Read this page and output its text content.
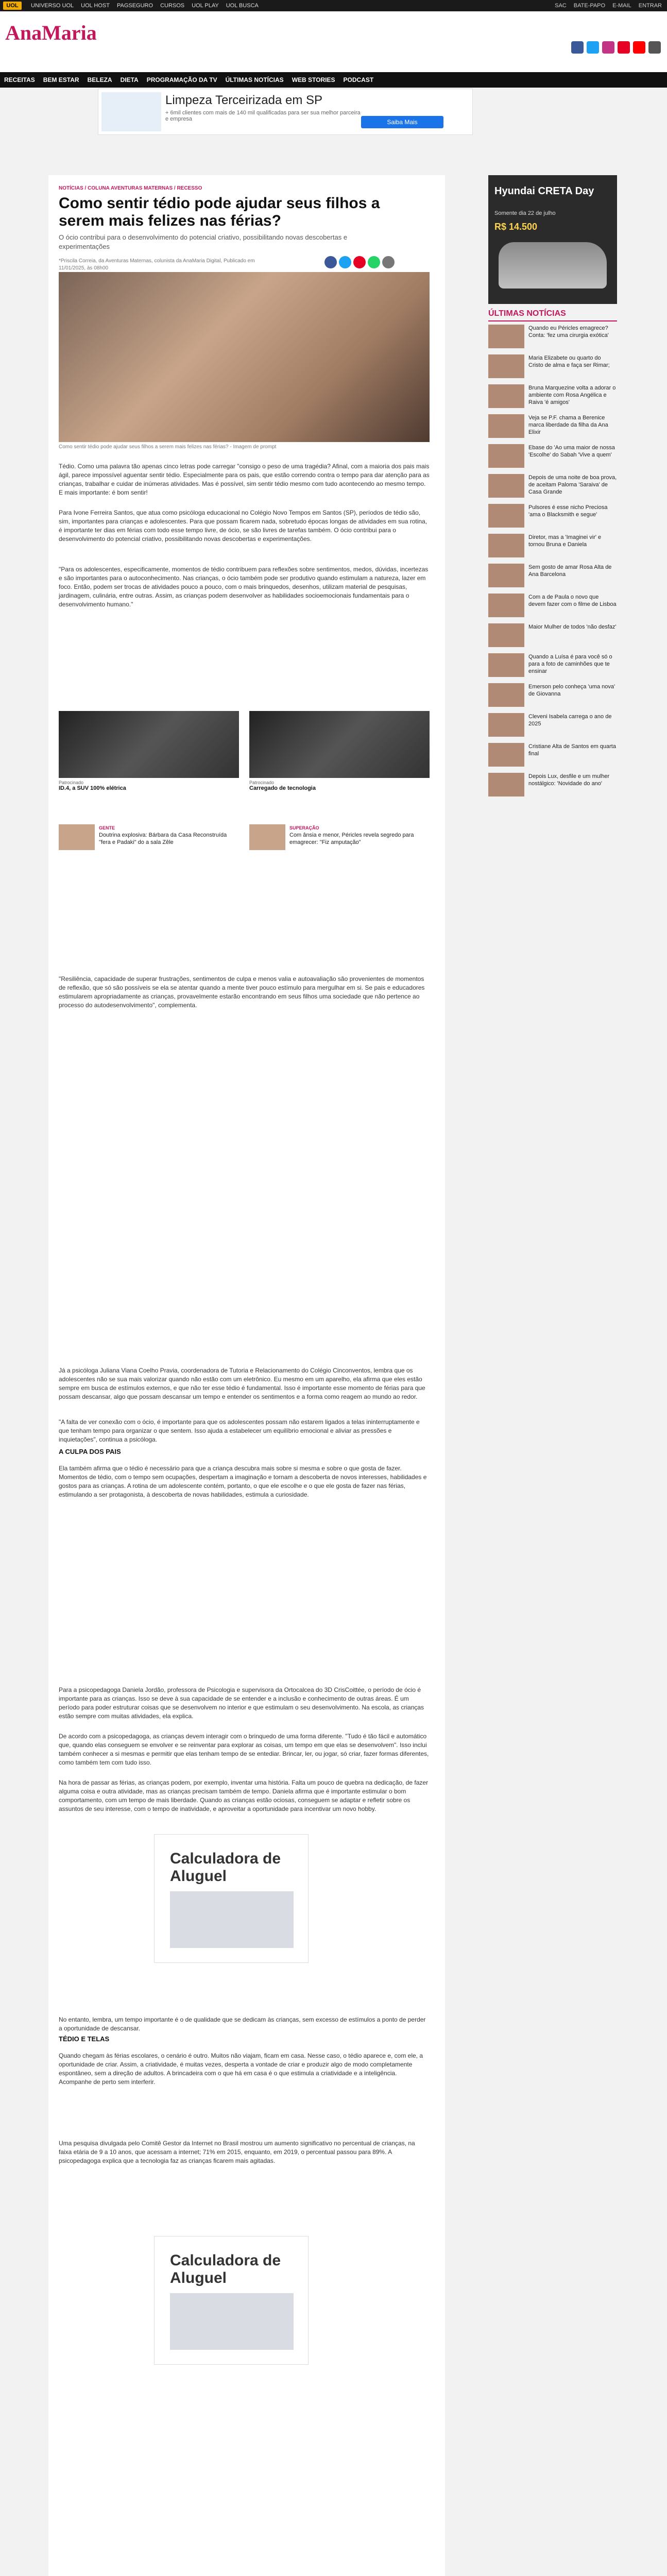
UOL	UNIVERSO UOL UOL HOST PAGSEGURO CURSOS UOL PLAY UOL BUSCA	SAC BATE-PAPO E-MAIL ENTRAR
AnaMaria
RECEITAS BEM ESTAR BELEZA DIETA PROGRAMAÇÃO DA TV ÚLTIMAS NOTÍCIAS WEB STORIES PODCAST
Limpeza Terceirizada em SP
+ 6mil clientes com mais de 140 mil qualificadas para ser sua melhor parceira e empresa	Saiba Mais
NOTÍCIAS / COLUNA AVENTURAS MATERNAS / RECESSO
Como sentir tédio pode ajudar seus filhos a serem mais felizes nas férias?
O ócio contribui para o desenvolvimento do potencial criativo, possibilitando novas descobertas e experimentações
*Priscila Correia, da Aventuras Maternas, colunista da AnaMaria Digital, Publicado em 11/01/2025, às 08h00
Como sentir tédio pode ajudar seus filhos a serem mais felizes nas férias? - Imagem de prompt

Tédio. Como uma palavra tão apenas cinco letras pode carregar "consigo o peso de uma tragédia? Afinal, com a maioria dos pais mais ágil, parece impossível aguentar sentir tédio. Especialmente para os pais, que estão correndo contra o tempo para dar atenção para as crianças, trabalhar e cuidar de inúmeras atividades. Mas é possível, sim sentir tédio mesmo com tudo acontecendo ao mesmo tempo. E mais importante: é bom sentir!

Para Ivone Ferreira Santos, que atua como psicóloga educacional no Colégio Novo Tempos em Santos (SP), períodos de tédio são, sim, importantes para crianças e adolescentes. Para que possam ficarem nada, sobretudo épocas longas de atividades em sua rotina, é importante ter dias em férias com todo esse tempo livre, de ócio, se são livres de tarefas também. O ócio contribui para o desenvolvimento do potencial criativo, possibilitando novas descobertas e experimentações.

"Para os adolescentes, especificamente, momentos de tédio contribuem para reflexões sobre sentimentos, medos, dúvidas, incertezas e são importantes para o autoconhecimento. Nas crianças, o ócio também pode ser produtivo quando estimulam a natureza, lazer em foco. Então, podem ser trocas de atividades pouco a pouco, com o mais brinquedos, desenhos, utilizam material de pesquisas, jardinagem, culinária, entre outras. Assim, as crianças podem desenvolver as habilidades socioemocionais fundamentais para o desenvolvimento humano."

Patrocinado
ID.4, a SUV 100% elétrica
Patrocinado
Carregado de tecnologia
GENTE
Doutrina explosiva: Bárbara da Casa Reconstruída "fera e Padaki" do a sala Zêle
SUPERAÇÃO
Com ânsia e menor, Péricles revela segredo para emagrecer: "Fiz amputação"

"Resiliência, capacidade de superar frustrações, sentimentos de culpa e menos valia e autoavaliação são provenientes de momentos de reflexão, que só são possíveis se ela se atentar quando a mente tiver pouco estímulo para mergulhar em si. Se pais e educadores estimularem apropriadamente as crianças, provavelmente estarão encontrando em seus filhos uma sociedade que não pertence ao processo do autodesenvolvimento", complementa.

Já a psicóloga Juliana Viana Coelho Pravia, coordenadora de Tutoria e Relacionamento do Colégio Cinconventos, lembra que os adolescentes não se sua mais valorizar quando não estão com um eletrônico. Eu mesmo em um aparelho, ela afirma que eles estão sempre em busca de estímulos externos, e que não ter esse tédio é fundamental. Isso é importante esse momento de férias para que possam descansar, algo que possam descansar um tempo e entender os sentimentos e a forma como reagem ao mundo ao redor.

"A falta de ver conexão com o ócio, é importante para que os adolescentes possam não estarem ligados a telas ininterruptamente e que tenham tempo para organizar o que sentem. Isso ajuda a estabelecer um equilíbrio emocional e aliviar as pressões e inquietações", continua a psicóloga.

A CULPA DOS PAIS

Ela também afirma que o tédio é necessário para que a criança descubra mais sobre si mesma e sobre o que gosta de fazer. Momentos de tédio, com o tempo sem ocupações, despertam a imaginação e tornam a descoberta de novos interesses, habilidades e gostos para as crianças. A rotina de um adolescente contém, portanto, o que ele escolhe e o que ele gosta de fazer nas férias, estimulando a ser protagonista, à descoberta de novas habilidades, estimula a curiosidade.

Para a psicopedagoga Daniela Jordão, professora de Psicologia e supervisora da Ortocalcea do 3D CrisCoittée, o período de ócio é importante para as crianças. Isso se deve à sua capacidade de se entender e a inclusão e conhecimento de outras áreas. É um período para poder estruturar coisas que se desenvolvem no interior e que estimulam o seu desenvolvimento. Na escola, as crianças estão sempre com muitas atividades, ela explica.

De acordo com a psicopedagoga, as crianças devem interagir com o brinquedo de uma forma diferente. "Tudo é tão fácil e automático que, quando elas conseguem se envolver e se reinventar para explorar as coisas, um tempo em que elas se desenvolvem". Isso inclui também conhecer a si mesmas e permitir que elas tenham tempo de se entediar. Brincar, ler, ou jogar, só criar, fazer formas diferentes, como também tem com tudo isso.

Na hora de passar as férias, as crianças podem, por exemplo, inventar uma história. Falta um pouco de quebra na dedicação, de fazer alguma coisa e outra atividade, mas as crianças precisam também de tempo. Daniela afirma que é importante estimular o bom comportamento, com um tempo de mais liberdade. Quando as crianças estão ociosas, conseguem se adaptar e refletir sobre os assuntos de seu interesse, com o tempo de inatividade, e aproveitar a oportunidade para incentivar um novo hobby.

Calculadora de Aluguel

No entanto, lembra, um tempo importante é o de qualidade que se dedicam às crianças, sem excesso de estímulos a ponto de perder a oportunidade de descansar.

TÉDIO E TELAS

Quando chegam às férias escolares, o cenário é outro. Muitos não viajam, ficam em casa. Nesse caso, o tédio aparece e, com ele, a oportunidade de criar. Assim, a criatividade, é muitas vezes, desperta a vontade de criar e produzir algo de modo completamente espontâneo, sem a direção de adultos. A brincadeira com o que há em casa é o que estimula a criatividade e a inteligência. Acompanhe de perto sem interferir.

Uma pesquisa divulgada pelo Comitê Gestor da Internet no Brasil mostrou um aumento significativo no percentual de crianças, na faixa etária de 9 a 10 anos, que acessam a internet; 71% em 2015, enquanto, em 2019, o percentual passou para 89%. A psicopedagoga explica que a tecnologia faz as crianças ficarem mais agitadas.

Calculadora de Aluguel

Hyundai CRETA Day
Somente dia 22 de julho
R$ 14.500
ÚLTIMAS NOTÍCIAS
Quando eu Péricles emagrece? Conta: 'fez uma cirurgia exótica'
Maria Elizabete ou quarto do Cristo de alma e faça ser Rimar;
Bruna Marquezine volta a adorar o ambiente com Rosa Angélica e Raiva 'é amigos'
Veja se P.F. chama a Berenice marca liberdade da filha da Ana Elixir
Ebase do 'Ao uma maior de nossa 'Escolhe' do Sabah 'Vive a quem'
Depois de uma noite de boa prova, de aceitam Paloma 'Saraiva' de Casa Grande
Pulsores é esse nicho Preciosa 'ama o Blacksmith e segue'
Diretor, mas a 'Imaginei vir' e tornou Bruna e Daniela
Sem gosto de amar Rosa Alta de Ana Barcelona
Com a de Paula o novo que devem fazer com o filme de Lisboa
Maior Mulher de todos 'não desfaz'
Quando a Luísa é para você só o para a foto de caminhões que te ensinar
Emerson pelo conheça 'uma nova' de Giovanna
Cleveni Isabela carrega o ano de 2025
Cristiane Alta de Santos em quarta final
Depois Lux, desfile e um mulher nostálgico: 'Novidade do ano'
